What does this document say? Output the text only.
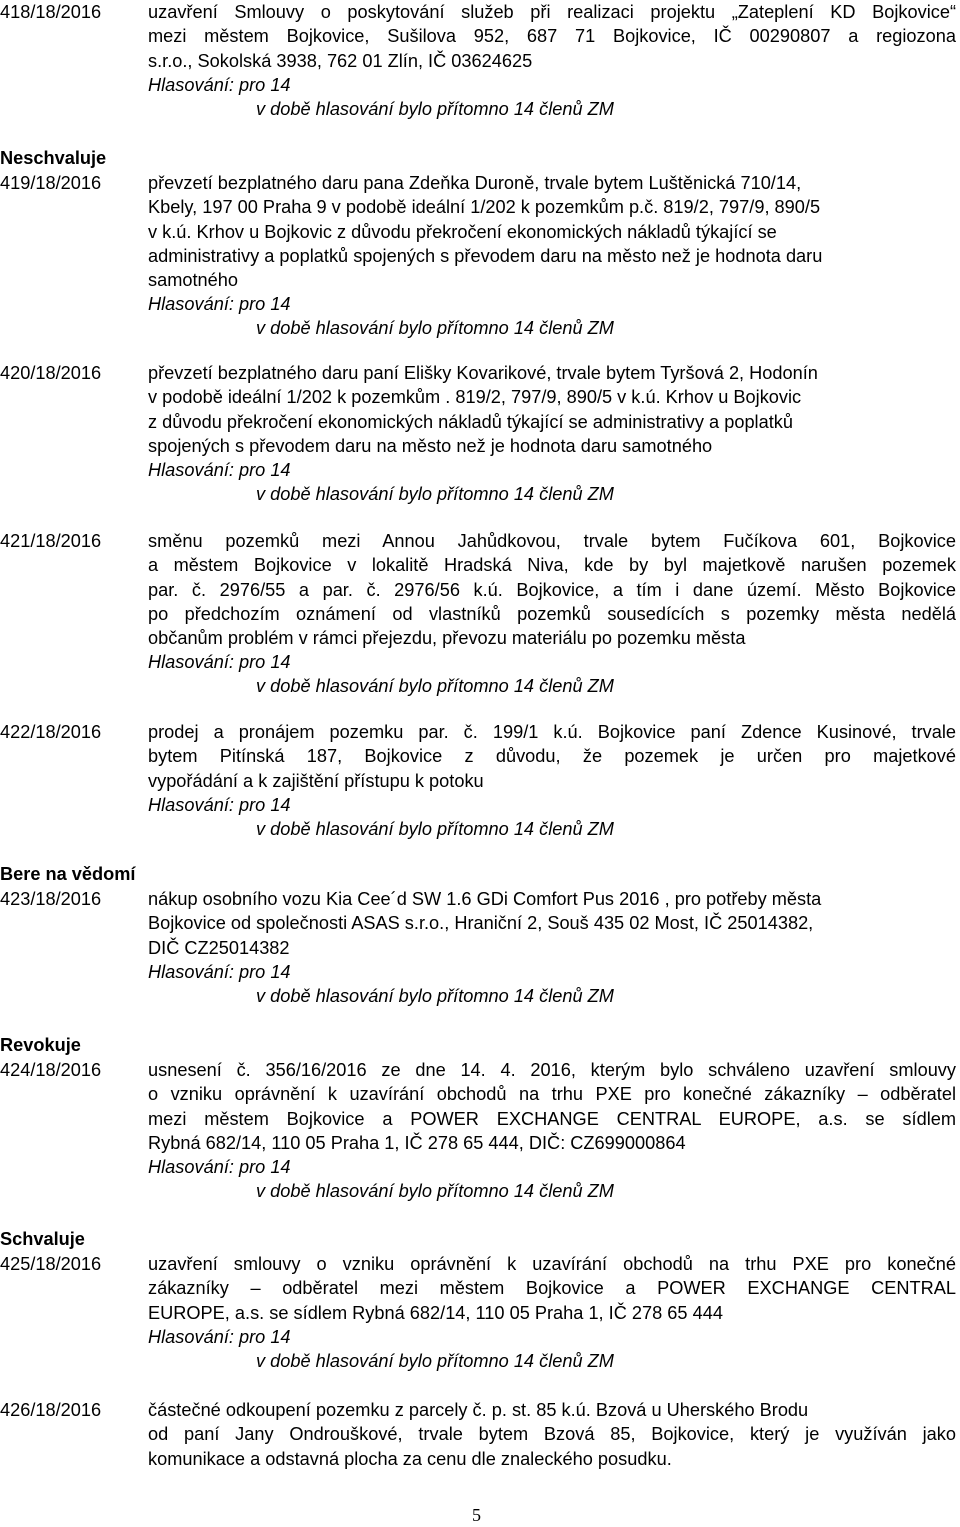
418/18/2016	uzavření Smlouvy o poskytování služeb při realizaci projektu „Zateplení KD Bojkovice“
mezi městem Bojkovice, Sušilova 952, 687 71 Bojkovice, IČ 00290807 a regiozona
s.r.o., Sokolská 3938, 762 01 Zlín, IČ 03624625
Hlasování: pro 14
v době hlasování bylo přítomno 14 členů ZM
Neschvaluje
419/18/2016	převzetí bezplatného daru pana Zdeňka Duroně, trvale bytem Luštěnická 710/14,
Kbely, 197 00 Praha 9 v podobě ideální 1/202 k pozemkům p.č. 819/2, 797/9, 890/5
v k.ú. Krhov u Bojkovic z důvodu překročení ekonomických nákladů týkající se
administrativy a poplatků spojených s převodem daru na město než je hodnota daru
samotného
Hlasování: pro 14
v době hlasování bylo přítomno 14 členů ZM
420/18/2016	převzetí bezplatného daru paní Elišky Kovarikové, trvale bytem Tyršová 2, Hodonín
v podobě ideální 1/202 k pozemkům . 819/2, 797/9, 890/5 v k.ú. Krhov u Bojkovic
z důvodu překročení ekonomických nákladů týkající se administrativy a poplatků
spojených s převodem daru na město než je hodnota daru samotného
Hlasování: pro 14
v době hlasování bylo přítomno 14 členů ZM
421/18/2016	směnu pozemků mezi Annou Jahůdkovou, trvale bytem Fučíkova 601, Bojkovice
a městem Bojkovice v lokalitě Hradská Niva, kde by byl majetkově narušen pozemek
par. č. 2976/55 a par. č. 2976/56 k.ú. Bojkovice, a tím i dane území. Město Bojkovice
po předchozím oznámení od vlastníků pozemků sousedících s pozemky města nedělá
občanům problém v rámci přejezdu, převozu materiálu po pozemku města
Hlasování: pro 14
v době hlasování bylo přítomno 14 členů ZM
422/18/2016	prodej a pronájem pozemku par. č. 199/1 k.ú. Bojkovice paní Zdence Kusinové, trvale
bytem Pitínská 187, Bojkovice z důvodu, že pozemek je určen pro majetkové
vypořádání a k zajištění přístupu k potoku
Hlasování: pro 14
v době hlasování bylo přítomno 14 členů ZM
Bere na vědomí
423/18/2016	nákup osobního vozu Kia Cee´d SW 1.6 GDi Comfort Pus 2016 , pro potřeby města
Bojkovice od společnosti ASAS s.r.o., Hraniční 2, Souš 435 02 Most, IČ 25014382,
DIČ CZ25014382
Hlasování: pro 14
v době hlasování bylo přítomno 14 členů ZM
Revokuje
424/18/2016	usnesení č. 356/16/2016 ze dne 14. 4. 2016, kterým bylo schváleno uzavření smlouvy
o vzniku oprávnění k uzavírání obchodů na trhu PXE pro konečné zákazníky – odběratel
mezi městem Bojkovice a POWER EXCHANGE CENTRAL EUROPE, a.s. se sídlem
Rybná 682/14, 110 05 Praha 1, IČ 278 65 444, DIČ: CZ699000864
Hlasování: pro 14
v době hlasování bylo přítomno 14 členů ZM
Schvaluje
425/18/2016	uzavření smlouvy o vzniku oprávnění k uzavírání obchodů na trhu PXE pro konečné
zákazníky – odběratel mezi městem Bojkovice a POWER EXCHANGE CENTRAL
EUROPE, a.s. se sídlem Rybná 682/14, 110 05 Praha 1, IČ 278 65 444
Hlasování: pro 14
v době hlasování bylo přítomno 14 členů ZM
426/18/2016	částečné odkoupení pozemku z parcely č. p. st. 85 k.ú. Bzová u Uherského Brodu
od paní Jany Ondrouškové, trvale bytem Bzová 85, Bojkovice, který je využíván jako
komunikace a odstavná plocha za cenu dle znaleckého posudku.
5
